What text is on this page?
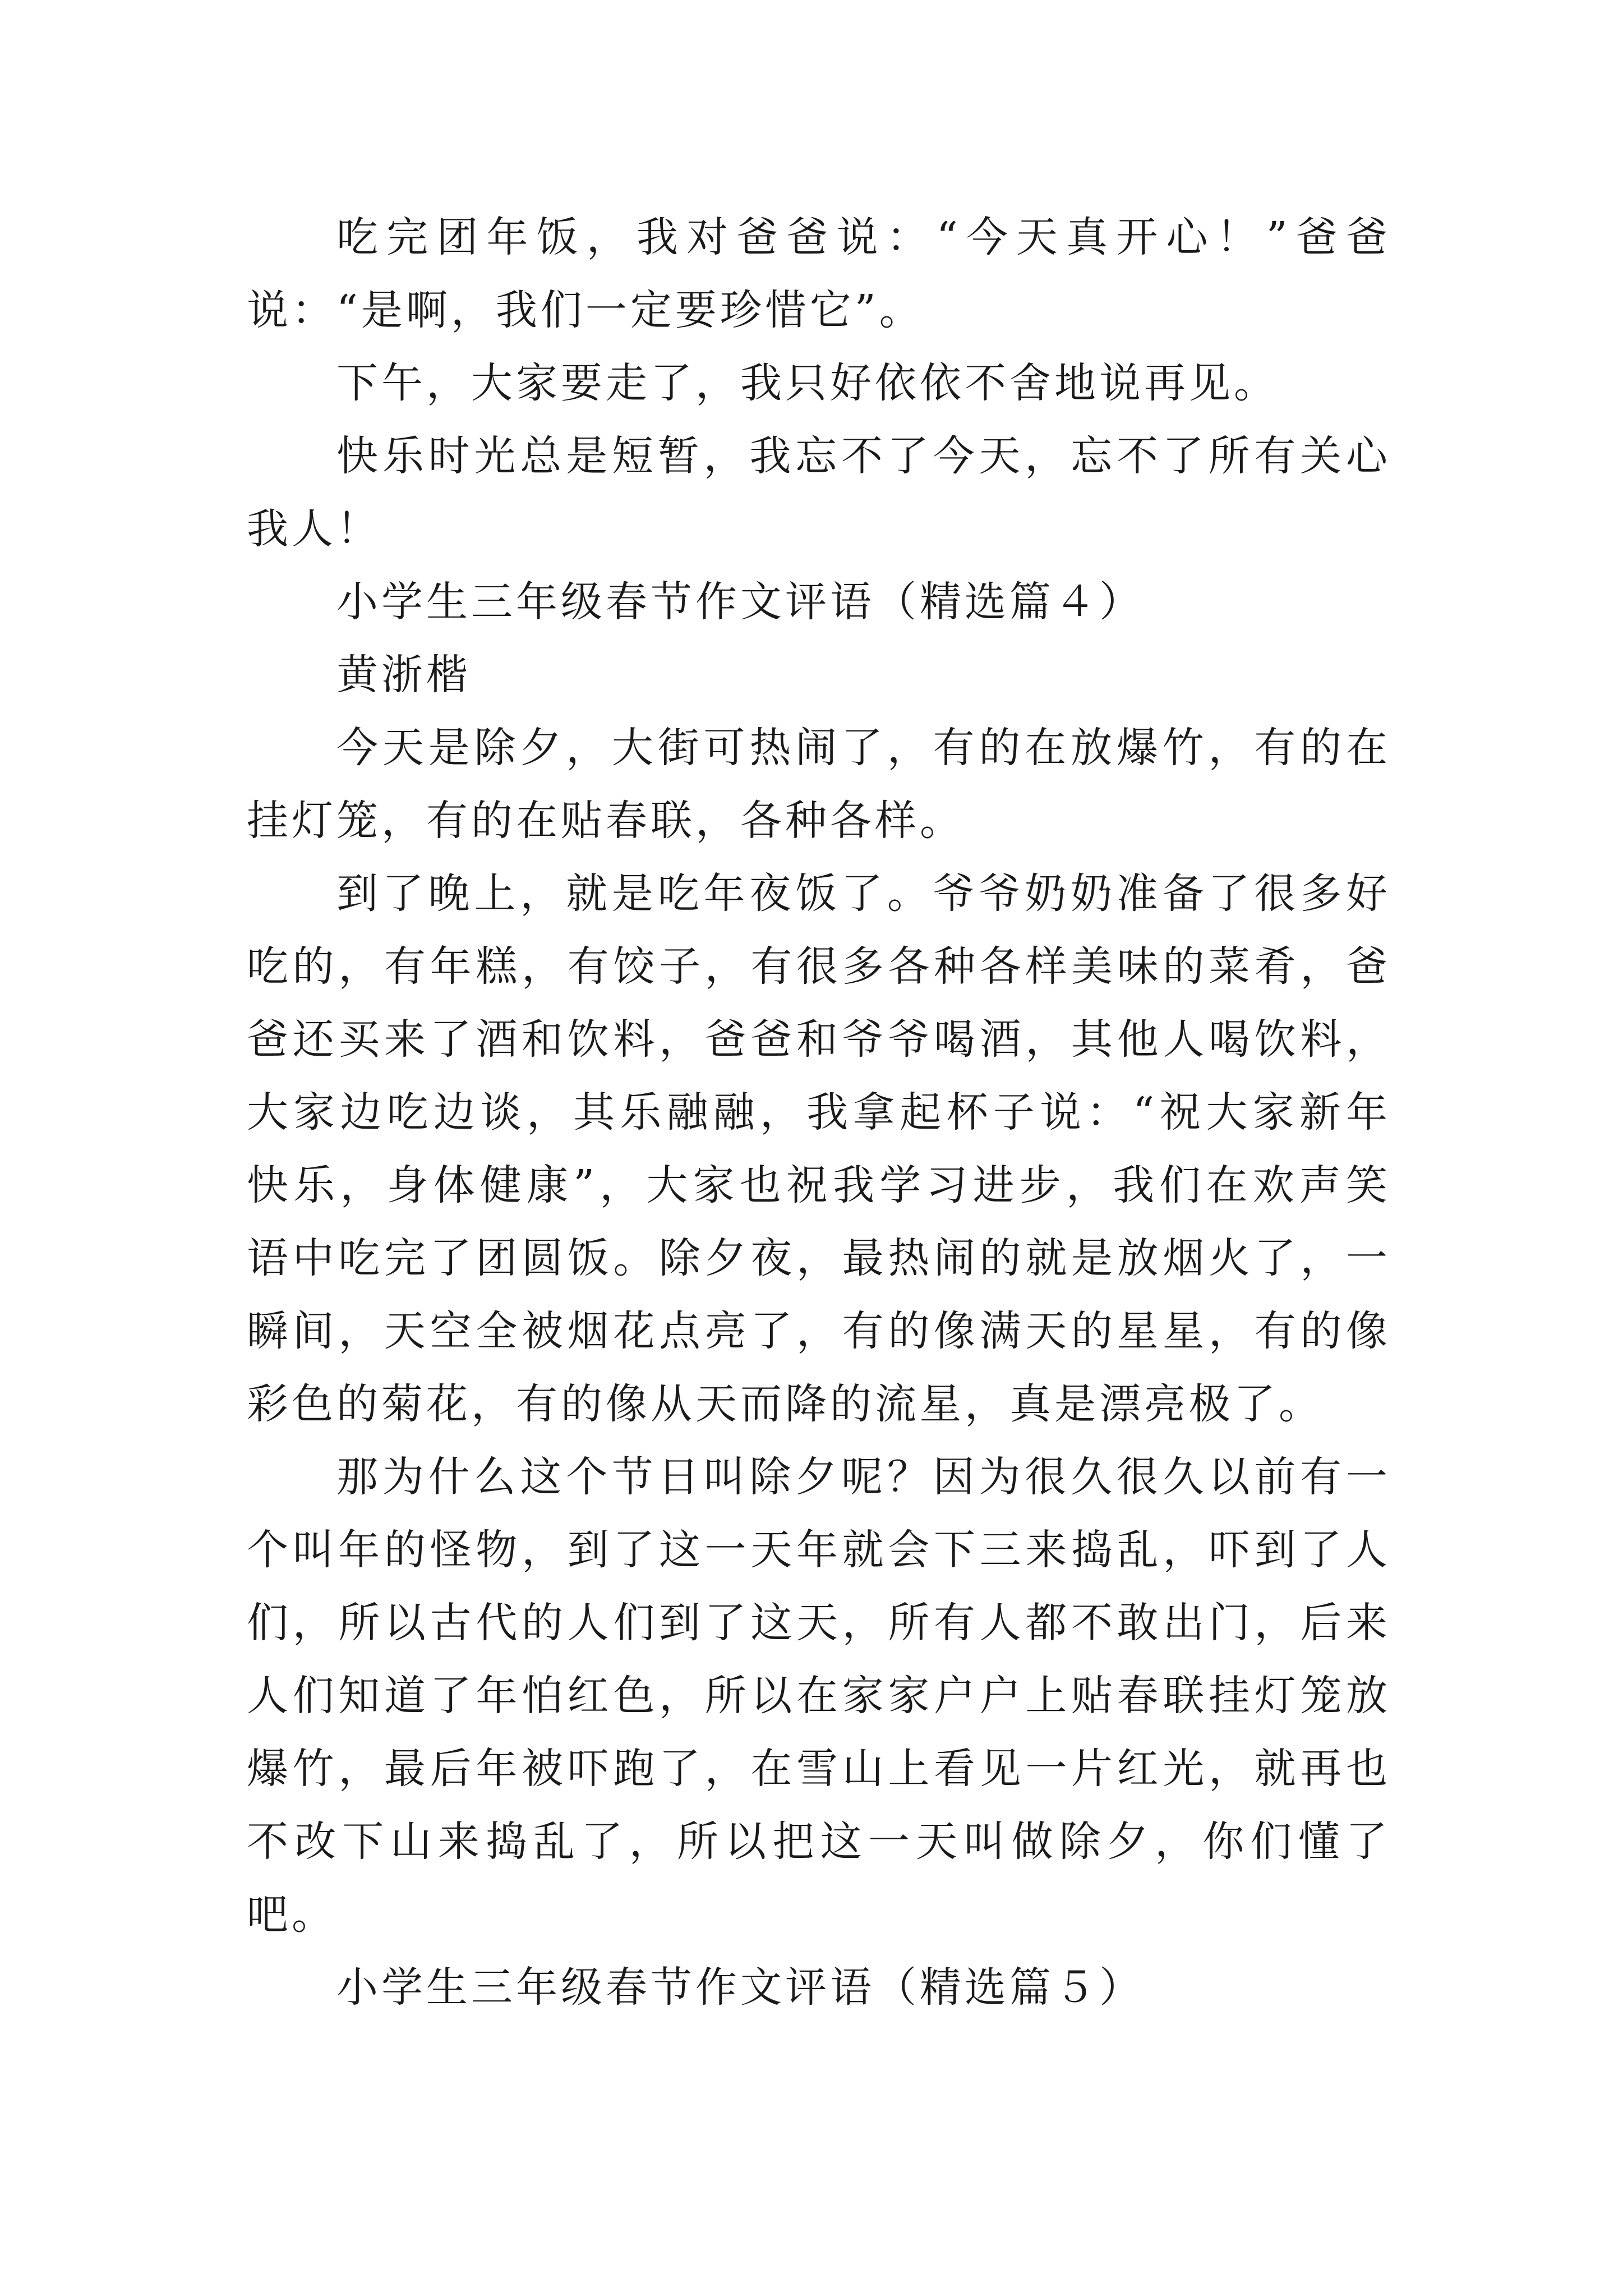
吃完团年饭，我对爸爸说：“今天真开心！”爸爸说：“是啊，我们一定要珍惜它”。

下午，大家要走了，我只好依依不舍地说再见。

快乐时光总是短暂，我忘不了今天，忘不了所有关心我人！

小学生三年级春节作文评语（精选篇４）

黄浙楷

今天是除夕，大街可热闹了，有的在放爆竹，有的在挂灯笼，有的在贴春联，各种各样。

到了晚上，就是吃年夜饭了。爷爷奶奶准备了很多好吃的，有年糕，有饺子，有很多各种各样美味的菜肴，爸爸还买来了酒和饮料，爸爸和爷爷喝酒，其他人喝饮料，大家边吃边谈，其乐融融，我拿起杯子说：“祝大家新年快乐，身体健康”，大家也祝我学习进步，我们在欢声笑语中吃完了团圆饭。除夕夜，最热闹的就是放烟火了，一瞬间，天空全被烟花点亮了，有的像满天的星星，有的像彩色的菊花，有的像从天而降的流星，真是漂亮极了。

那为什么这个节日叫除夕呢？因为很久很久以前有一个叫年的怪物，到了这一天年就会下三来捣乱，吓到了人们，所以古代的人们到了这天，所有人都不敢出门，后来人们知道了年怕红色，所以在家家户户上贴春联挂灯笼放爆竹，最后年被吓跑了，在雪山上看见一片红光，就再也不改下山来捣乱了，所以把这一天叫做除夕，你们懂了吧。

小学生三年级春节作文评语（精选篇５）
